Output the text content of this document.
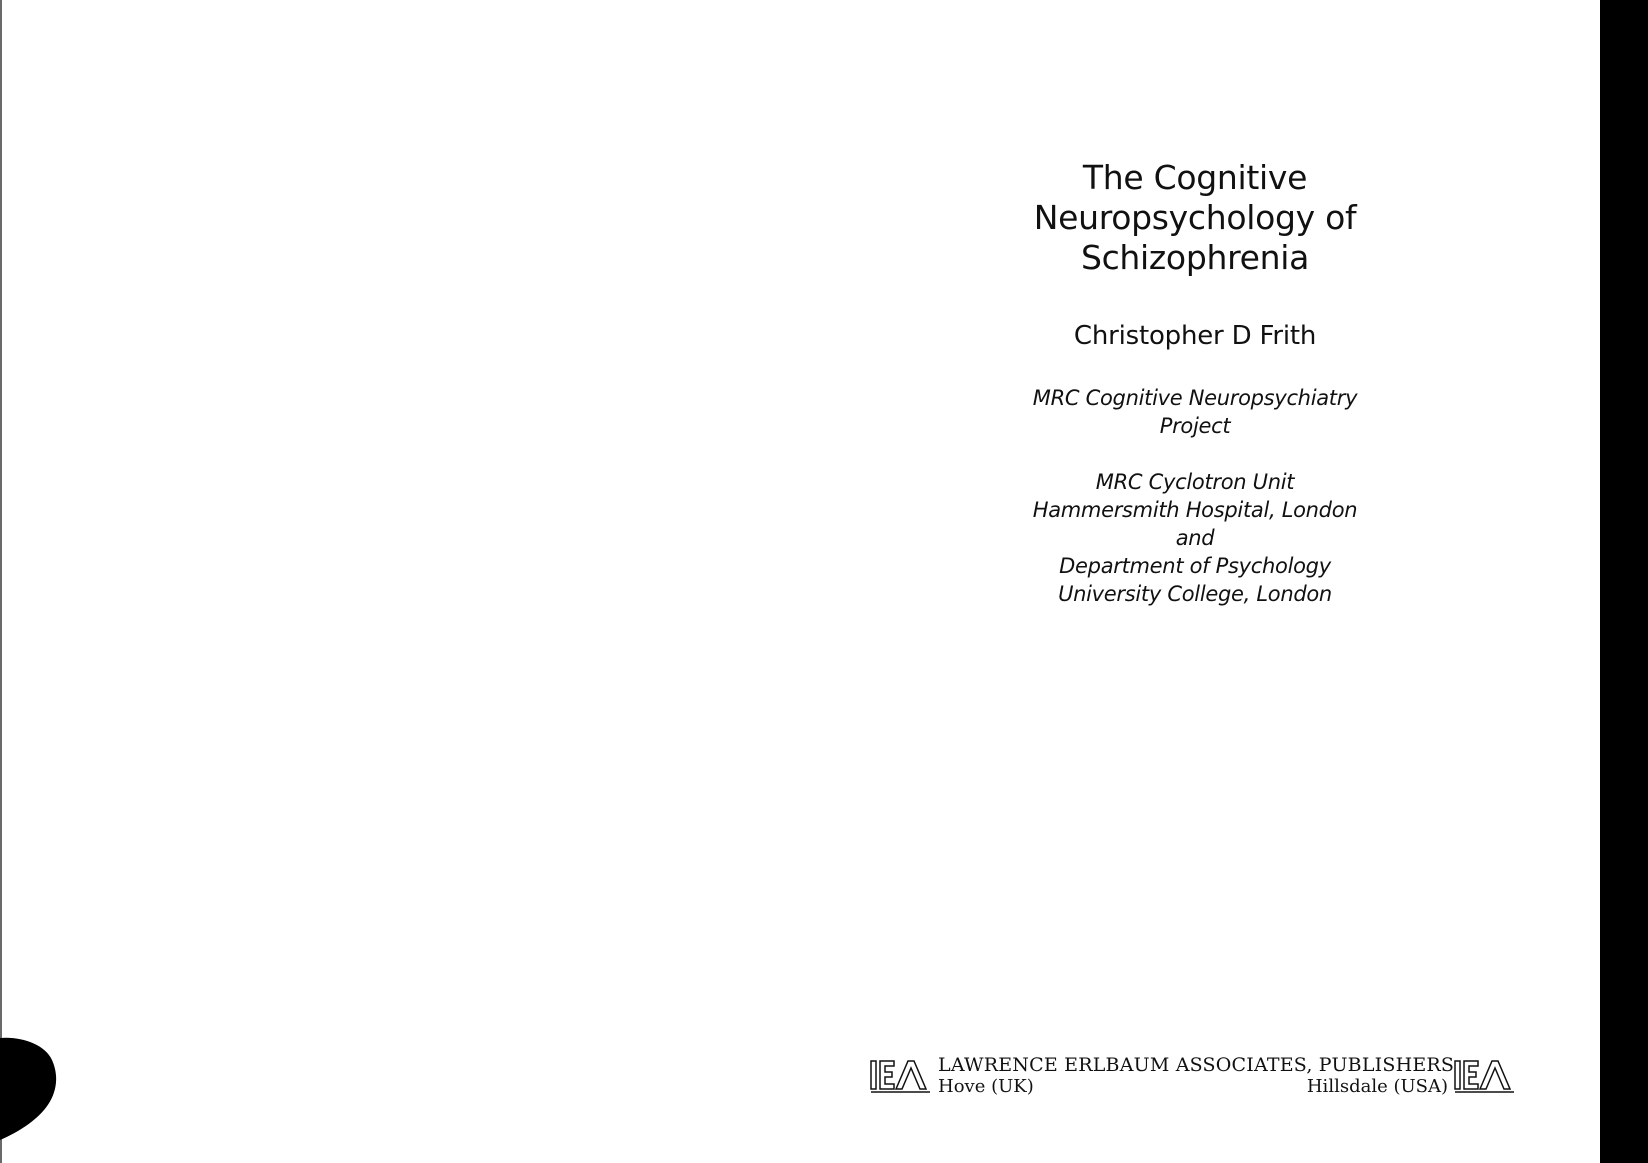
The Cognitive
Neuropsychology of
Schizophrenia
Christopher D Frith
MRC Cognitive Neuropsychiatry
Project
MRC Cyclotron Unit
Hammersmith Hospital, London
and
Department of Psychology
University College, London
LAWRENCE ERLBAUM ASSOCIATES, PUBLISHERS
Hove (UK)	Hillsdale (USA)
